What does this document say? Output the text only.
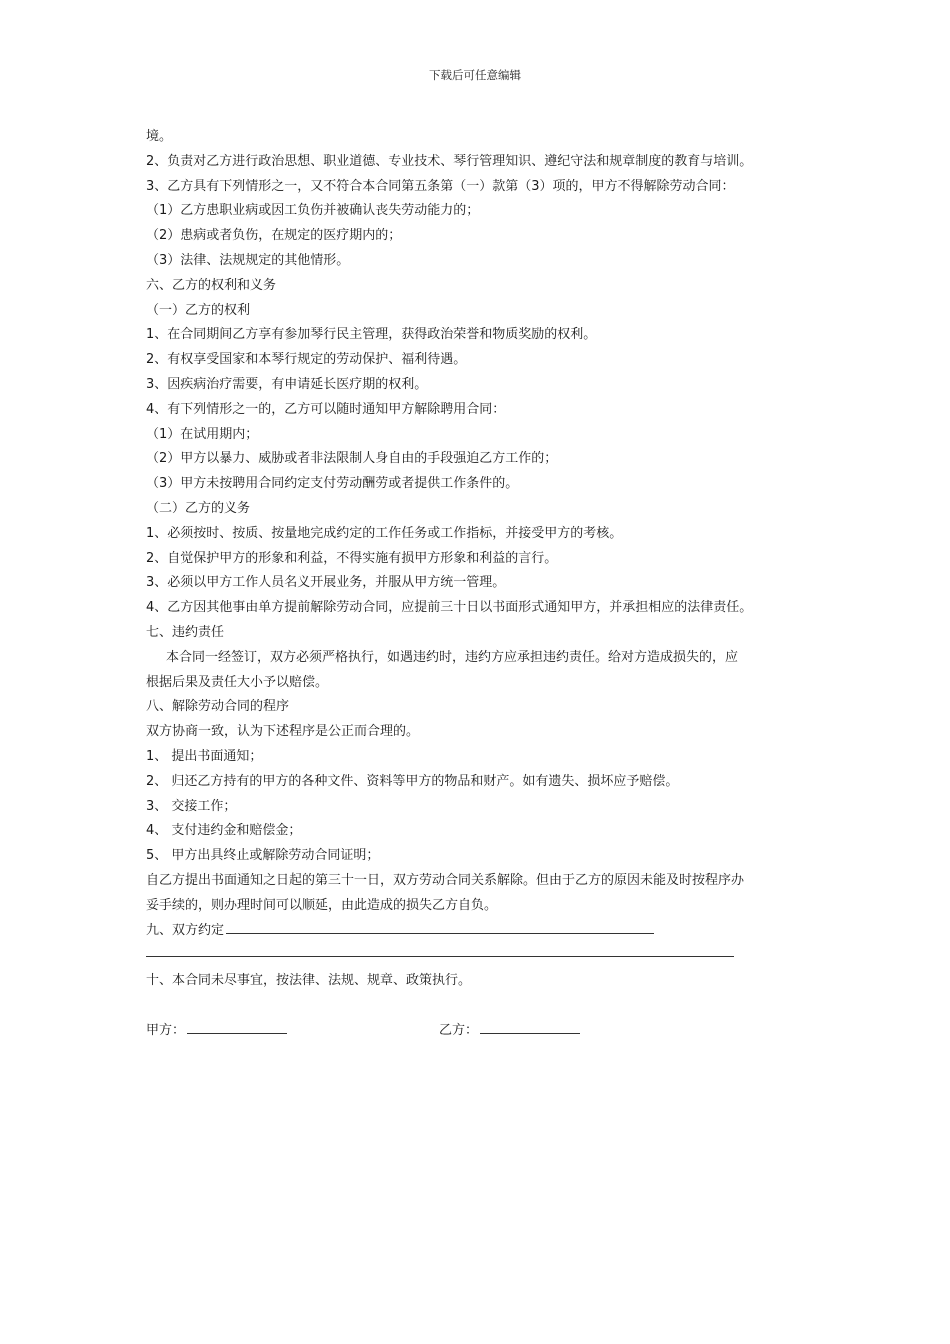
下载后可任意编辑
境。
2、负责对乙方进行政治思想、职业道德、专业技术、琴行管理知识、遵纪守法和规章制度的教育与培训。
3、乙方具有下列情形之一，又不符合本合同第五条第（一）款第（3）项的，甲方不得解除劳动合同：
（1）乙方患职业病或因工负伤并被确认丧失劳动能力的；
（2）患病或者负伤，在规定的医疗期内的；
（3）法律、法规规定的其他情形。
六、乙方的权利和义务
（一）乙方的权利
1、在合同期间乙方享有参加琴行民主管理，获得政治荣誉和物质奖励的权利。
2、有权享受国家和本琴行规定的劳动保护、福利待遇。
3、因疾病治疗需要，有申请延长医疗期的权利。
4、有下列情形之一的，乙方可以随时通知甲方解除聘用合同：
（1）在试用期内；
（2）甲方以暴力、威胁或者非法限制人身自由的手段强迫乙方工作的；
（3）甲方未按聘用合同约定支付劳动酬劳或者提供工作条件的。
（二）乙方的义务
1、必须按时、按质、按量地完成约定的工作任务或工作指标，并接受甲方的考核。
2、自觉保护甲方的形象和利益，不得实施有损甲方形象和利益的言行。
3、必须以甲方工作人员名义开展业务，并服从甲方统一管理。
4、乙方因其他事由单方提前解除劳动合同，应提前三十日以书面形式通知甲方，并承担相应的法律责任。
七、违约责任
本合同一经签订，双方必须严格执行，如遇违约时，违约方应承担违约责任。给对方造成损失的，应
根据后果及责任大小予以赔偿。
八、解除劳动合同的程序
双方协商一致，认为下述程序是公正而合理的。
1、 提出书面通知；
2、 归还乙方持有的甲方的各种文件、资料等甲方的物品和财产。如有遗失、损坏应予赔偿。
3、 交接工作；
4、 支付违约金和赔偿金；
5、 甲方出具终止或解除劳动合同证明；
自乙方提出书面通知之日起的第三十一日，双方劳动合同关系解除。但由于乙方的原因未能及时按程序办
妥手续的，则办理时间可以顺延，由此造成的损失乙方自负。
九、双方约定
十、本合同未尽事宜，按法律、法规、规章、政策执行。
甲方：	乙方：
